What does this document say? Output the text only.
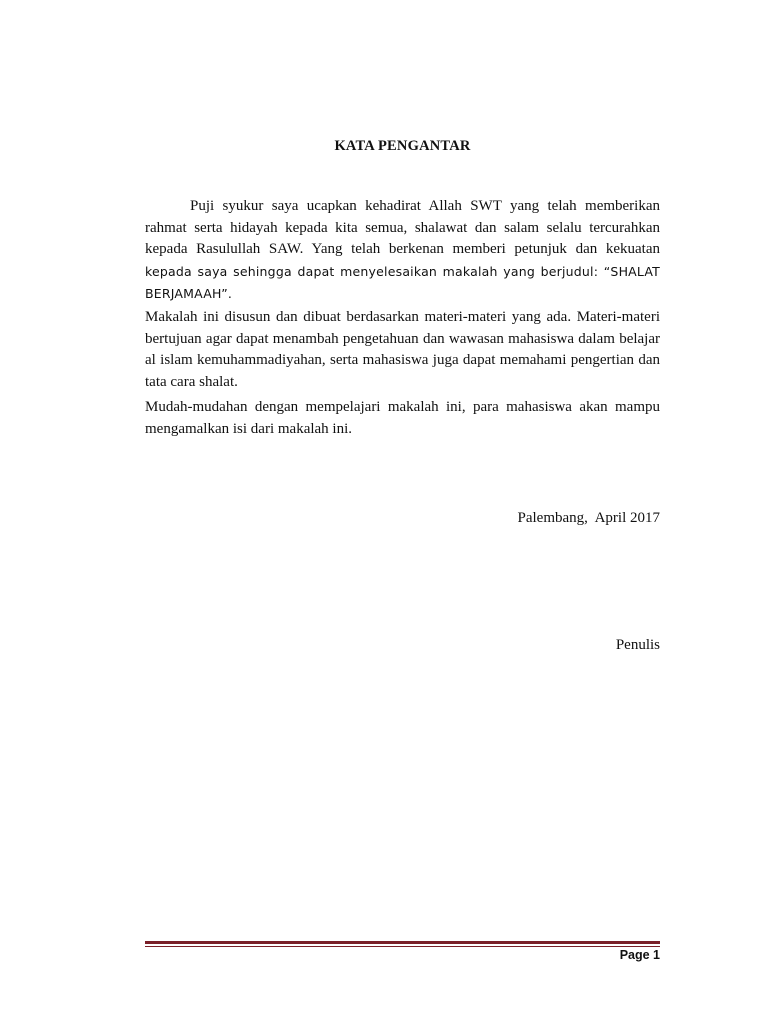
KATA PENGANTAR
Puji syukur saya ucapkan kehadirat Allah SWT yang telah memberikan rahmat serta hidayah kepada kita semua, shalawat dan salam selalu tercurahkan kepada Rasulullah SAW. Yang telah berkenan memberi petunjuk dan kekuatan kepada saya sehingga dapat menyelesaikan makalah yang berjudul: “SHALAT BERJAMAAH”.
Makalah ini disusun dan dibuat berdasarkan materi-materi yang ada. Materi-materi bertujuan agar dapat menambah pengetahuan dan wawasan mahasiswa dalam belajar al islam kemuhammadiyahan, serta mahasiswa juga dapat memahami pengertian dan tata cara shalat.
Mudah-mudahan dengan mempelajari makalah ini, para mahasiswa akan mampu mengamalkan isi dari makalah ini.
Palembang,  April 2017
Penulis
Page 1
